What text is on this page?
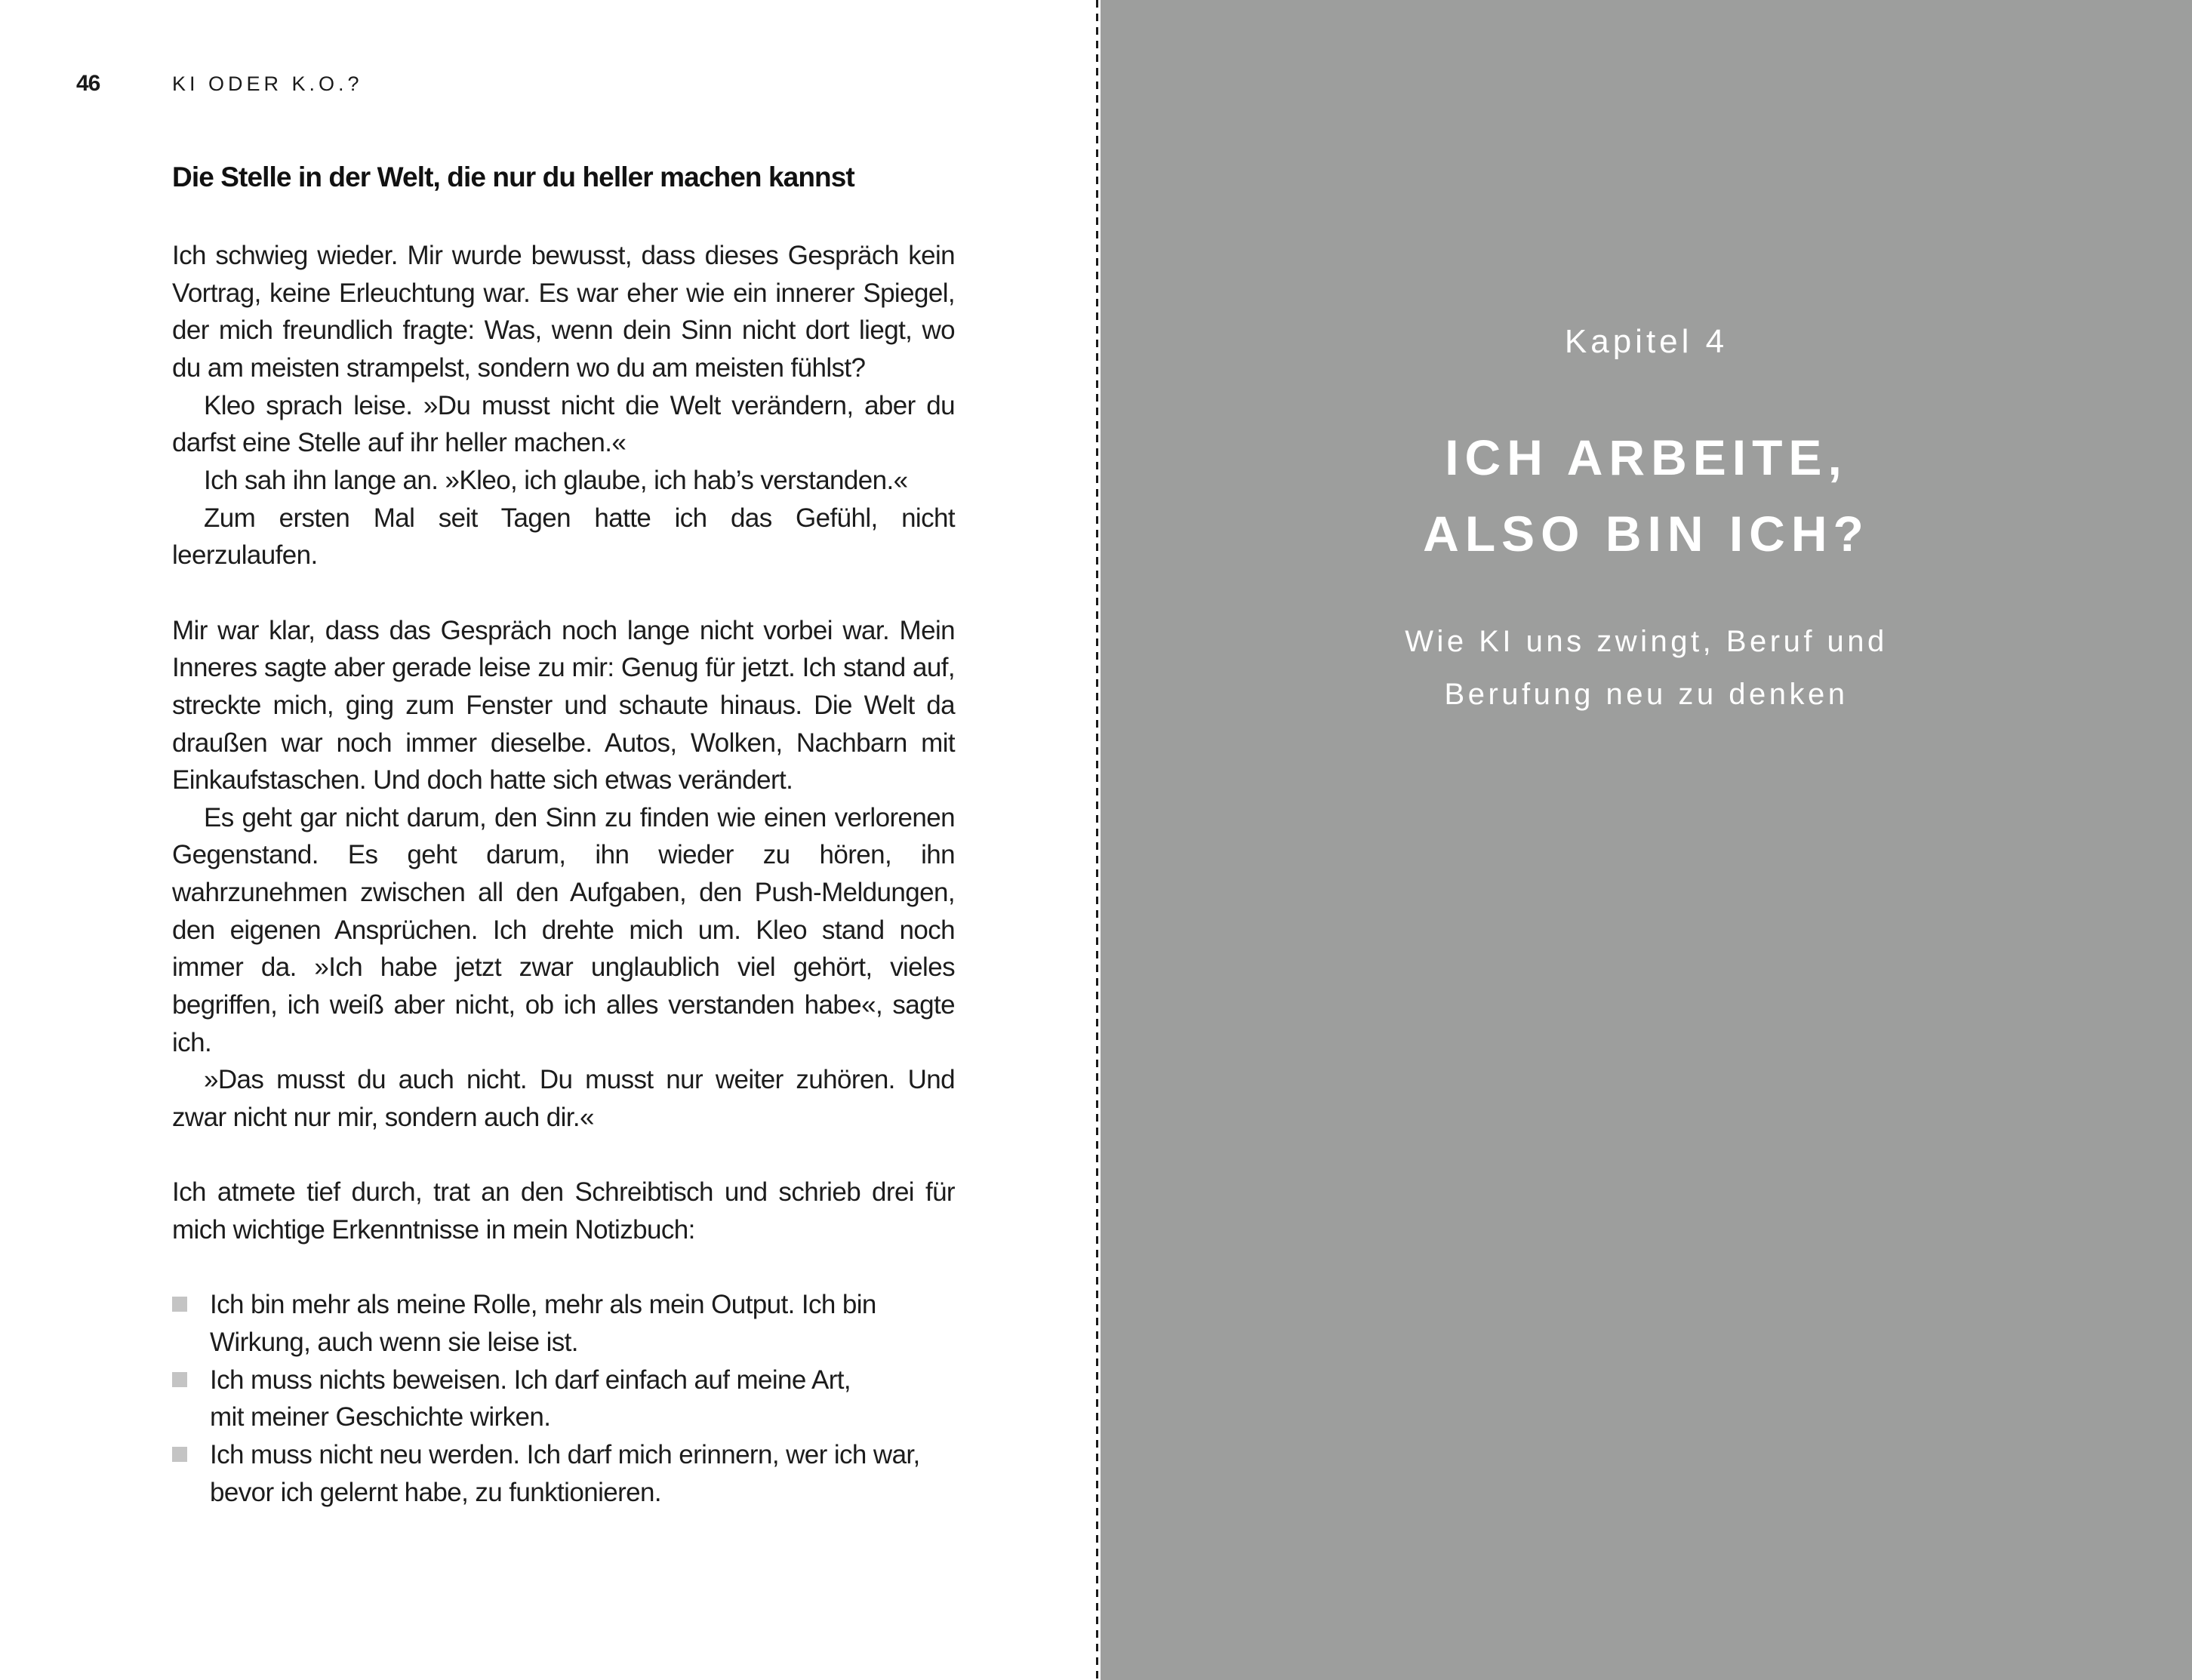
46	KI ODER K.O.?
Die Stelle in der Welt, die nur du heller machen kannst

Ich schwieg wieder. Mir wurde bewusst, dass dieses Gespräch kein Vortrag, keine Erleuchtung war. Es war eher wie ein innerer Spiegel, der mich freundlich fragte: Was, wenn dein Sinn nicht dort liegt, wo du am meisten strampelst, sondern wo du am meisten fühlst?

Kleo sprach leise. »Du musst nicht die Welt verändern, aber du darfst eine Stelle auf ihr heller machen.«

Ich sah ihn lange an. »Kleo, ich glaube, ich hab’s verstanden.«

Zum ersten Mal seit Tagen hatte ich das Gefühl, nicht leerzulaufen.

Mir war klar, dass das Gespräch noch lange nicht vorbei war. Mein Inneres sagte aber gerade leise zu mir: Genug für jetzt. Ich stand auf, streckte mich, ging zum Fenster und schaute hinaus. Die Welt da draußen war noch immer dieselbe. Autos, Wolken, Nachbarn mit Einkaufstaschen. Und doch hatte sich etwas verändert.

Es geht gar nicht darum, den Sinn zu finden wie einen verlorenen Gegenstand. Es geht darum, ihn wieder zu hören, ihn wahrzunehmen zwischen all den Aufgaben, den Push-Meldungen, den eigenen Ansprüchen. Ich drehte mich um. Kleo stand noch immer da. »Ich habe jetzt zwar unglaublich viel gehört, vieles begriffen, ich weiß aber nicht, ob ich alles verstanden habe«, sagte ich.

»Das musst du auch nicht. Du musst nur weiter zuhören. Und zwar nicht nur mir, sondern auch dir.«

Ich atmete tief durch, trat an den Schreibtisch und schrieb drei für mich wichtige Erkenntnisse in mein Notizbuch:

Ich bin mehr als meine Rolle, mehr als mein Output. Ich bin
Wirkung, auch wenn sie leise ist.
Ich muss nichts beweisen. Ich darf einfach auf meine Art,
mit meiner Geschichte wirken.
Ich muss nicht neu werden. Ich darf mich erinnern, wer ich war,
bevor ich gelernt habe, zu funktionieren.
Kapitel 4
ICH ARBEITE,
ALSO BIN ICH?
Wie KI uns zwingt, Beruf und
Berufung neu zu denken
